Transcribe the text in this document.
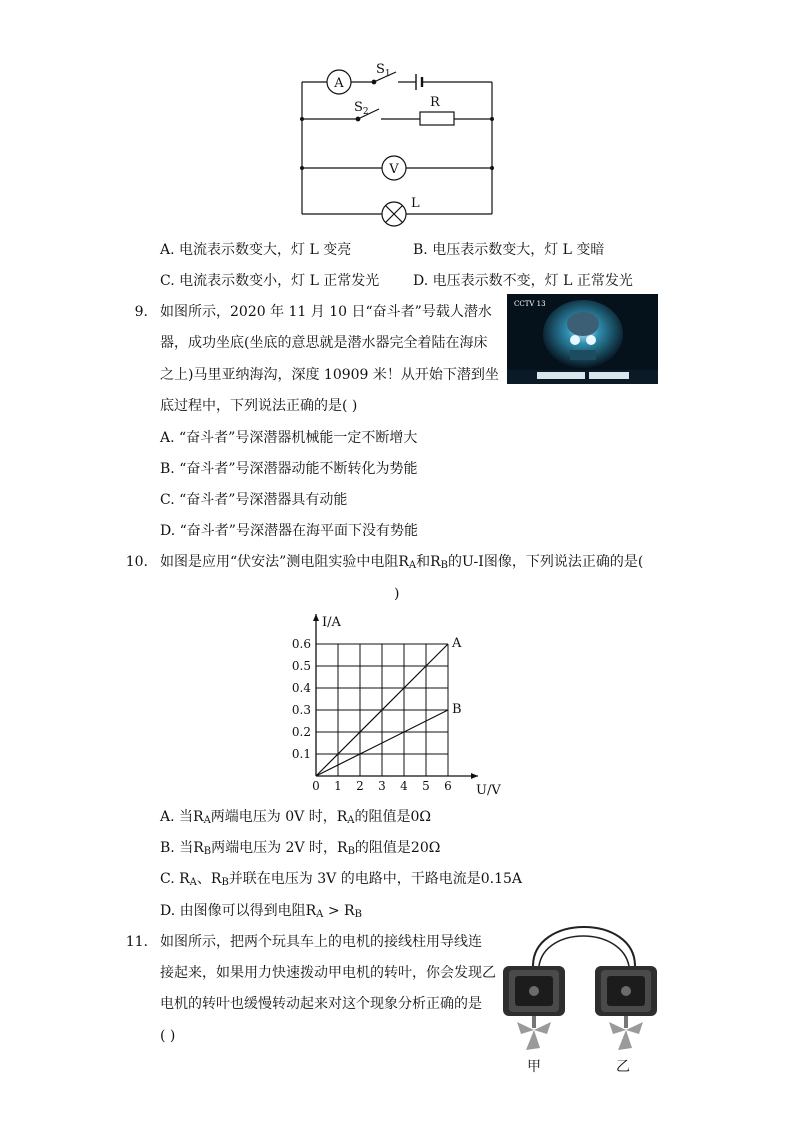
A
$S_1$
$S_2$
R
V
L
A. 电流表示数变大，灯 L 变亮	B. 电压表示数变大，灯 L 变暗
C. 电流表示数变小，灯 L 正常发光 D. 电压表示数不变，灯 L 正常发光
9. 如图所示，2020 年 11 月 10 日“奋斗者”号载人潜水
器，成功坐底(坐底的意思就是潜水器完全着陆在海床
之上)马里亚纳海沟，深度 10909 米！从开始下潜到坐
底过程中，下列说法正确的是( )
CCTV 13
A. “奋斗者”号深潜器机械能一定不断增大
B. “奋斗者”号深潜器动能不断转化为势能
C. “奋斗者”号深潜器具有动能
D. “奋斗者”号深潜器在海平面下没有势能
10. 如图是应用“伏安法”测电阻实验中电阻$R_A$和$R_B$的U-I图像，下列说法正确的是(
)
A
B
I/A
U/V
0 1 2 3 4 5 6
0.1
0.2
0.3
0.4
0.5
0.6
A. 当$R_A$两端电压为 0V 时，$R_A$的阻值是0Ω
B. 当$R_B$两端电压为 2V 时，$R_B$的阻值是20Ω
C. $R_A$、$R_B$并联在电压为 3V 的电路中，干路电流是0.15A
D. 由图像可以得到电阻$R_A > R_B$
11. 如图所示，把两个玩具车上的电机的接线柱用导线连
接起来，如果用力快速拨动甲电机的转叶，你会发现乙
电机的转叶也缓慢转动起来对这个现象分析正确的是
( )
甲	乙
